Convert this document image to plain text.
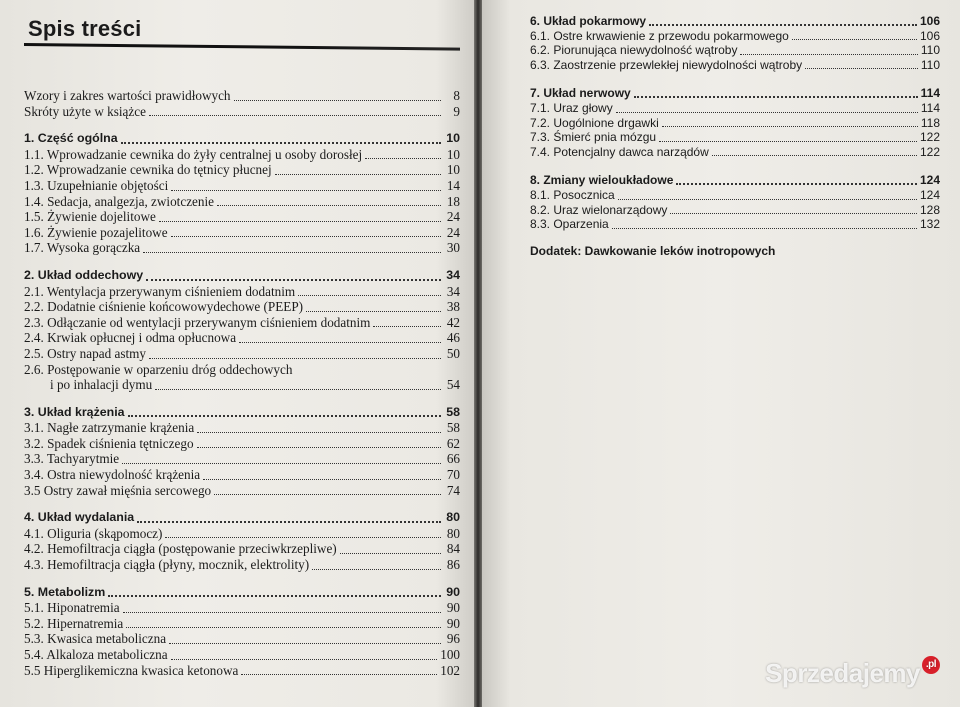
Spis treści
Wzory i zakres wartości prawidłowych	8
Skróty użyte w książce	9
1. Część ogólna	10
1.1. Wprowadzanie cewnika do żyły centralnej u osoby dorosłej	10
1.2. Wprowadzanie cewnika do tętnicy płucnej	10
1.3. Uzupełnianie objętości	14
1.4. Sedacja, analgezja, zwiotczenie	18
1.5. Żywienie dojelitowe	24
1.6. Żywienie pozajelitowe	24
1.7. Wysoka gorączka	30
2. Układ oddechowy	34
2.1. Wentylacja przerywanym ciśnieniem dodatnim	34
2.2. Dodatnie ciśnienie końcowowydechowe (PEEP)	38
2.3. Odłączanie od wentylacji przerywanym ciśnieniem dodatnim	42
2.4. Krwiak opłucnej i odma opłucnowa	46
2.5. Ostry napad astmy	50
2.6. Postępowanie w oparzeniu dróg oddechowych
i po inhalacji dymu	54
3. Układ krążenia	58
3.1. Nagłe zatrzymanie krążenia	58
3.2. Spadek ciśnienia tętniczego	62
3.3. Tachyarytmie	66
3.4. Ostra niewydolność krążenia	70
3.5 Ostry zawał mięśnia sercowego	74
4. Układ wydalania	80
4.1. Oliguria (skąpomocz)	80
4.2. Hemofiltracja ciągła (postępowanie przeciwkrzepliwe)	84
4.3. Hemofiltracja ciągła (płyny, mocznik, elektrolity)	86
5. Metabolizm	90
5.1. Hiponatremia	90
5.2. Hipernatremia	90
5.3. Kwasica metaboliczna	96
5.4. Alkaloza metaboliczna	100
5.5 Hiperglikemiczna kwasica ketonowa	102
6. Układ pokarmowy	106
6.1. Ostre krwawienie z przewodu pokarmowego	106
6.2. Piorunująca niewydolność wątroby	110
6.3. Zaostrzenie przewlekłej niewydolności wątroby	110
7. Układ nerwowy	114
7.1. Uraz głowy	114
7.2. Uogólnione drgawki	118
7.3. Śmierć pnia mózgu	122
7.4. Potencjalny dawca narządów	122
8. Zmiany wieloukładowe	124
8.1. Posocznica	124
8.2. Uraz wielonarządowy	128
8.3. Oparzenia	132
Dodatek: Dawkowanie leków inotropowych
Sprzedajemy .pl
